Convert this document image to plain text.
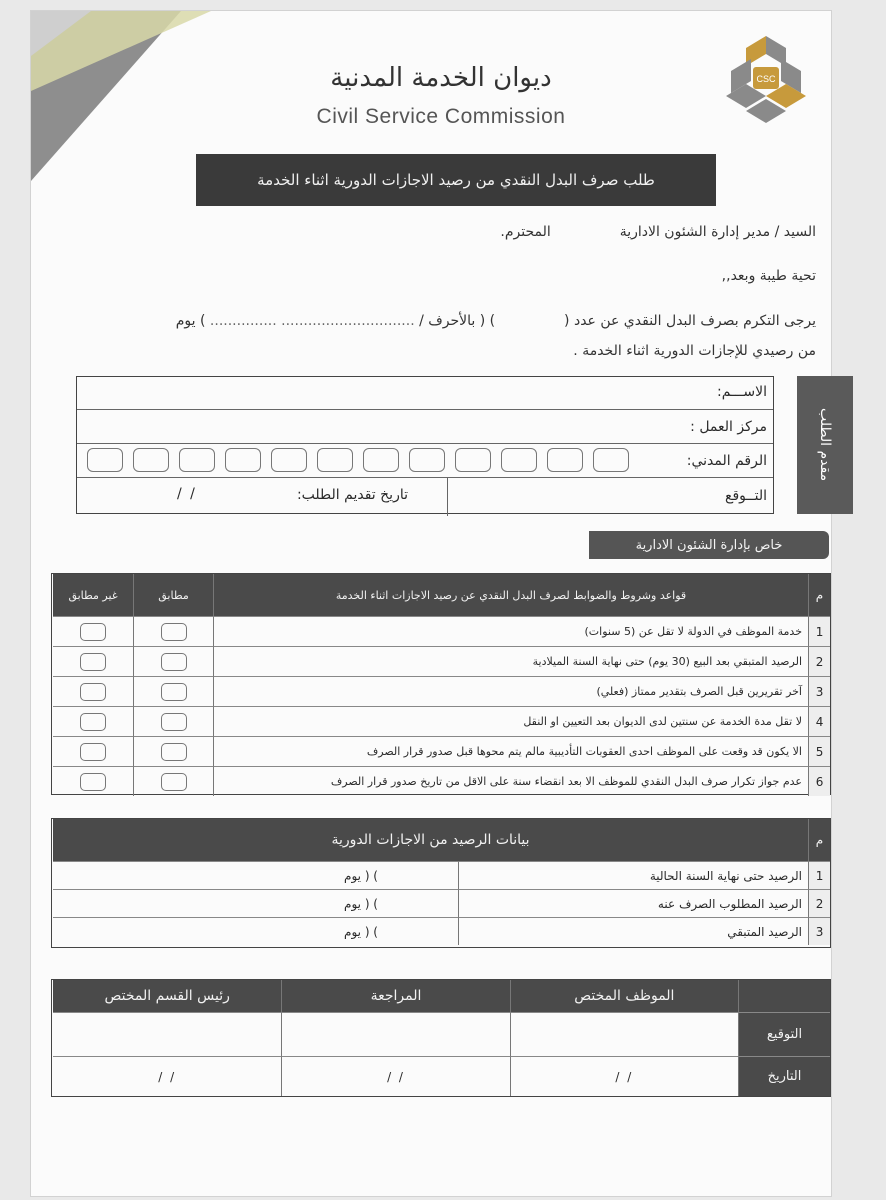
CSC
ديوان الخدمة المدنية
Civil Service Commission
طلب صرف البدل النقدي من رصيد الاجازات الدورية اثناء الخدمة
السيد / مدير إدارة الشئون الادارية  المحترم.
تحية طيبة وبعد,,
يرجى التكرم بصرف البدل النقدي عن عدد (  ) ( بالأحرف / .............................. ............... ) يوم
من رصيدي للإجازات الدورية اثناء الخدمة .
الاســـم:
مركز العمل :
الرقم المدني:
التــوقع
تاريخ تقديم الطلب:
/ /
مقدم الطلب
خاص بإدارة الشئون الادارية
م
قواعد وشروط والضوابط لصرف البدل النقدي عن رصيد الاجازات اثناء الخدمة
مطابق
غير مطابق
1
خدمة الموظف في الدولة لا تقل عن (5 سنوات)
2
الرصيد المتبقي بعد البيع (30 يوم) حتى نهاية السنة الميلادية
3
آخر تقريرين قبل الصرف بتقدير ممتاز (فعلي)
4
لا تقل مدة الخدمة عن سنتين لدى الديوان بعد التعيين او النقل
5
الا يكون قد وقعت على الموظف احدى العقوبات التأديبية مالم يتم محوها قبل صدور قرار الصرف
6
عدم جواز تكرار صرف البدل النقدي للموظف الا بعد انقضاء سنة على الاقل من تاريخ صدور قرار الصرف
م
بيانات الرصيد من الاجازات الدورية
1
الرصيد حتى نهاية السنة الحالية
) ( يوم
2
الرصيد المطلوب الصرف عنه
) ( يوم
3
الرصيد المتبقي
) ( يوم
الموظف المختص
المراجعة
رئيس القسم المختص
التوقيع
التاريخ
/ /
/ /
/ /
